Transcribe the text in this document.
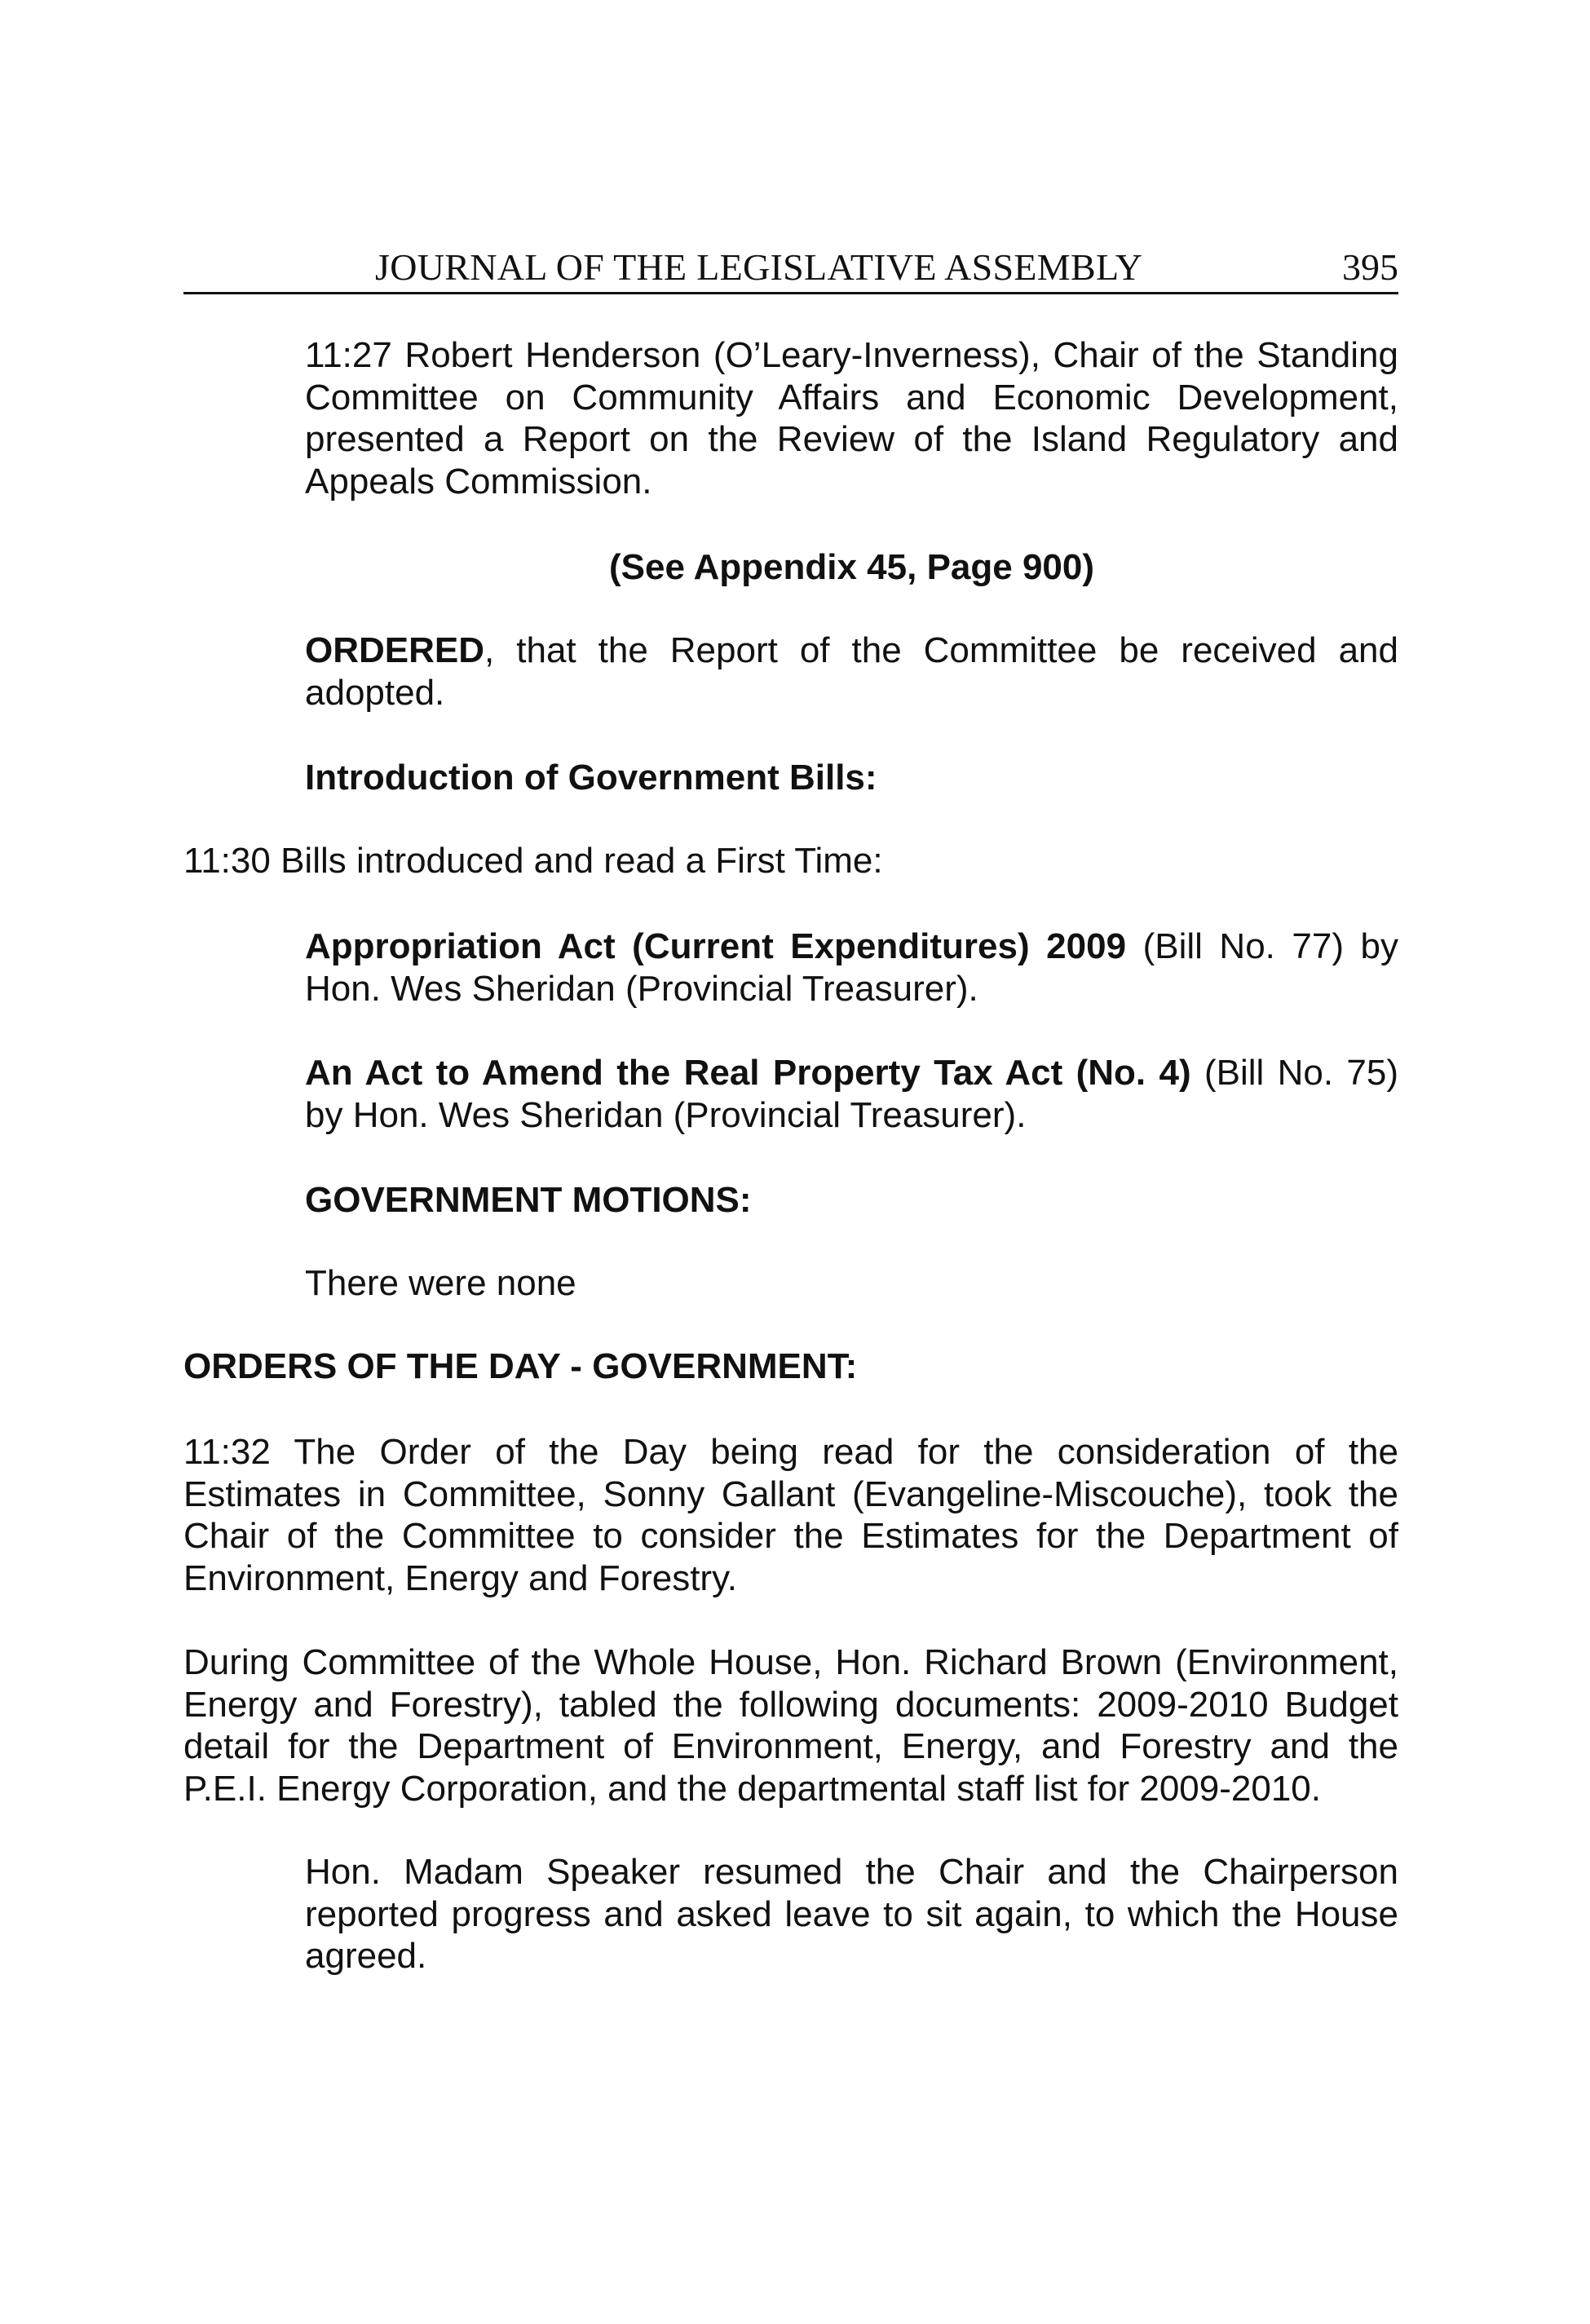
JOURNAL OF THE LEGISLATIVE ASSEMBLY	395

11:27 Robert Henderson (O’Leary-Inverness), Chair of the Standing Committee on Community Affairs and Economic Development, presented a Report on the Review of the Island Regulatory and Appeals Commission.

(See Appendix 45, Page 900)

ORDERED, that the Report of the Committee be received and adopted.

Introduction of Government Bills:

11:30 Bills introduced and read a First Time:

Appropriation Act (Current Expenditures) 2009 (Bill No. 77) by Hon. Wes Sheridan (Provincial Treasurer).

An Act to Amend the Real Property Tax Act (No. 4) (Bill No. 75) by Hon. Wes Sheridan (Provincial Treasurer).

GOVERNMENT MOTIONS:

There were none

ORDERS OF THE DAY - GOVERNMENT:

11:32 The Order of the Day being read for the consideration of the Estimates in Committee, Sonny Gallant (Evangeline-Miscouche), took the Chair of the Committee to consider the Estimates for the Department of Environment, Energy and Forestry.

During Committee of the Whole House, Hon. Richard Brown (Environment, Energy and Forestry), tabled the following documents: 2009-2010 Budget detail for the Department of Environment, Energy, and Forestry and the P.E.I. Energy Corporation, and the departmental staff list for 2009-2010.

Hon. Madam Speaker resumed the Chair and the Chairperson reported progress and asked leave to sit again, to which the House agreed.
